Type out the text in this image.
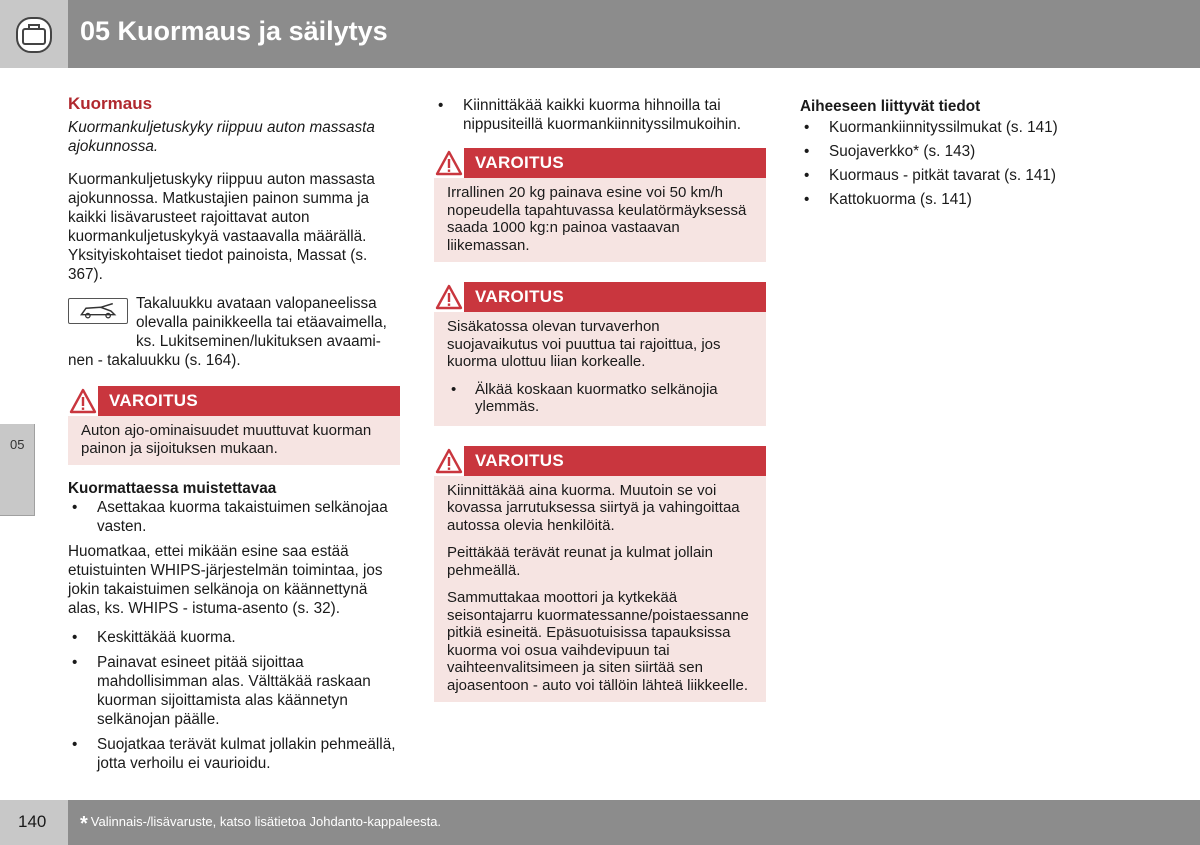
05 Kuormaus ja säilytys
05
Kuormaus
Kuormankuljetuskyky riippuu auton massasta ajokunnossa.

Kuormankuljetuskyky riippuu auton massasta ajokunnossa. Matkustajien painon summa ja kaikki lisävarusteet rajoittavat auton kuormankuljetuskykyä vastaavalla määrällä. Yksityiskohtaiset tiedot painoista, Massat (s. 367).

Takaluukku avataan valopaneelissa olevalla painikkeella tai etäavaimella, ks. Lukitseminen/lukituksen avaami-

nen - takaluukku (s. 164).

VAROITUS

Auton ajo-ominaisuudet muuttuvat kuorman painon ja sijoituksen mukaan.

Kuormattaessa muistettavaa
• Asettakaa kuorma takaistuimen selkänojaa vasten.

Huomatkaa, ettei mikään esine saa estää etuistuinten WHIPS-järjestelmän toimintaa, jos jokin takaistuimen selkänoja on käännettynä alas, ks. WHIPS - istuma-asento (s. 32).

• Keskittäkää kuorma.
• Painavat esineet pitää sijoittaa mahdollisimman alas. Välttäkää raskaan kuorman sijoittamista alas käännetyn selkänojan päälle.
• Suojatkaa terävät kulmat jollakin pehmeällä, jotta verhoilu ei vaurioidu.
• Kiinnittäkää kaikki kuorma hihnoilla tai nippusiteillä kuormankiinnityssilmukoihin.
VAROITUS

Irrallinen 20 kg painava esine voi 50 km/h nopeudella tapahtuvassa keulatörmäyksessä saada 1000 kg:n painoa vastaavan liikemassan.

VAROITUS

Sisäkatossa olevan turvaverhon suojavaikutus voi puuttua tai rajoittua, jos kuorma ulottuu liian korkealle.

• Älkää koskaan kuormatko selkänojia ylemmäs.
VAROITUS

Kiinnittäkää aina kuorma. Muutoin se voi kovassa jarrutuksessa siirtyä ja vahingoittaa autossa olevia henkilöitä.

Peittäkää terävät reunat ja kulmat jollain pehmeällä.

Sammuttakaa moottori ja kytkekää seisontajarru kuormatessanne/poistaessanne pitkiä esineitä. Epäsuotuisissa tapauksissa kuorma voi osua vaihdevipuun tai vaihteenvalitsimeen ja siten siirtää sen ajoasentoon - auto voi tällöin lähteä liikkeelle.

Aiheeseen liittyvät tiedot
• Kuormankiinnityssilmukat (s. 141)
• Suojaverkko* (s. 143)
• Kuormaus - pitkät tavarat (s. 141)
• Kattokuorma (s. 141)
140 * Valinnais-/lisävaruste, katso lisätietoa Johdanto-kappaleesta.
